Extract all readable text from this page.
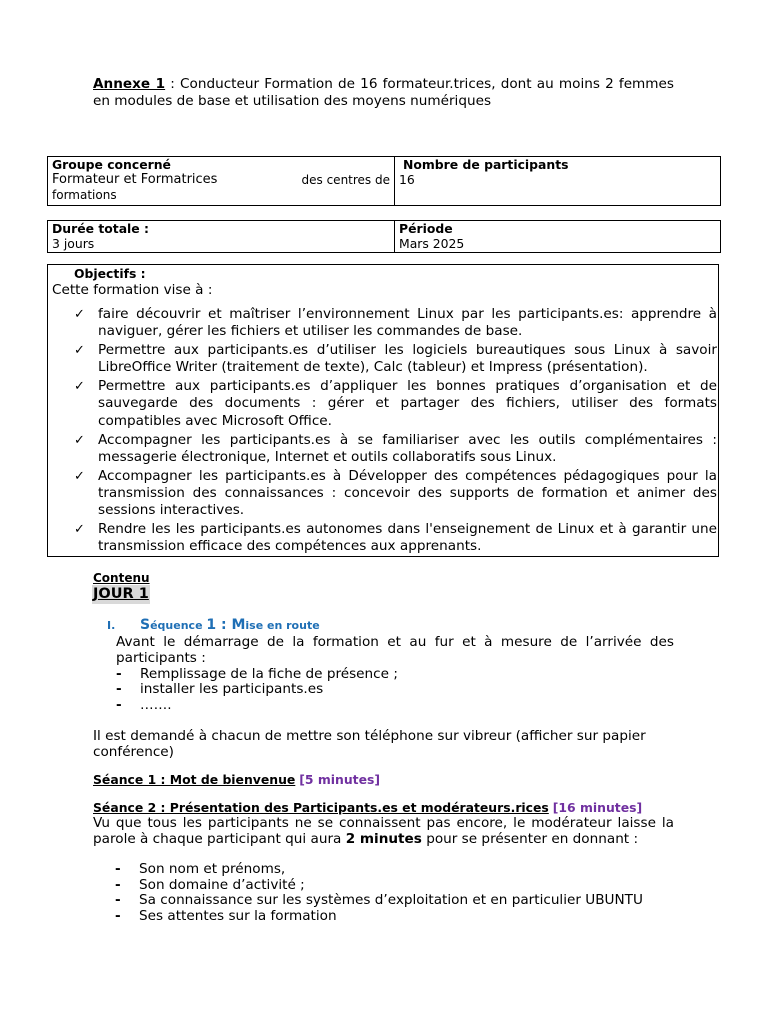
Annexe 1 : Conducteur Formation de 16 formateur.trices, dont au moins 2 femmes en modules de base et utilisation des moyens numériques
Groupe concerné
Formateur et Formatrices	des centres de
formations

Nombre de participants
16
Durée totale :
3 jours

Période
Mars 2025
Objectifs :
Cette formation vise à :
✓ faire découvrir et maîtriser l’environnement Linux par les participants.es: apprendre à naviguer, gérer les fichiers et utiliser les commandes de base.
✓ Permettre aux participants.es d’utiliser les logiciels bureautiques sous Linux à savoir LibreOffice Writer (traitement de texte), Calc (tableur) et Impress (présentation).
✓ Permettre aux participants.es d’appliquer les bonnes pratiques d’organisation et de sauvegarde des documents : gérer et partager des fichiers, utiliser des formats compatibles avec Microsoft Office.
✓ Accompagner les participants.es à se familiariser avec les outils complémentaires : messagerie électronique, Internet et outils collaboratifs sous Linux.
✓ Accompagner les participants.es à Développer des compétences pédagogiques pour la transmission des connaissances : concevoir des supports de formation et animer des sessions interactives.
✓ Rendre les les participants.es autonomes dans l'enseignement de Linux et à garantir une transmission efficace des compétences aux apprenants.
Contenu
JOUR 1
I. Séquence 1 : Mise en route
Avant le démarrage de la formation et au fur et à mesure de l’arrivée des participants :
- Remplissage de la fiche de présence ;
- installer les participants.es
- …….
Il est demandé à chacun de mettre son téléphone sur vibreur (afficher sur papier conférence)
Séance 1 : Mot de bienvenue [5 minutes]
Séance 2 : Présentation des Participants.es et modérateurs.rices [16 minutes]
Vu que tous les participants ne se connaissent pas encore, le modérateur laisse la parole à chaque participant qui aura 2 minutes pour se présenter en donnant :
- Son nom et prénoms,
- Son domaine d’activité ;
- Sa connaissance sur les systèmes d’exploitation et en particulier UBUNTU
- Ses attentes sur la formation
